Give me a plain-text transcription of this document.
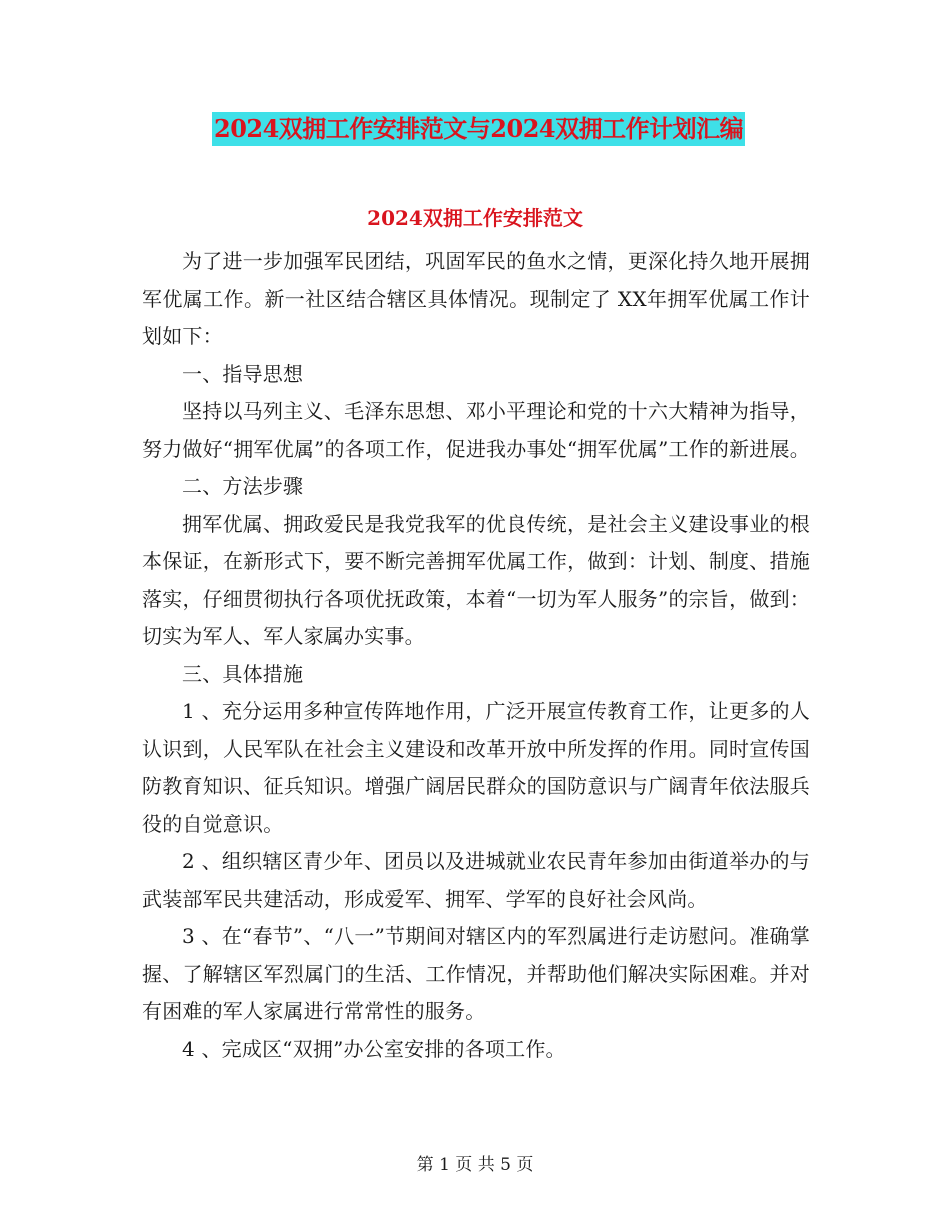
2024双拥工作安排范文与2024双拥工作计划汇编
2024双拥工作安排范文

为了进一步加强军民团结，巩固军民的鱼水之情，更深化持久地开展拥军优属工作。新一社区结合辖区具体情况。现制定了 XX年拥军优属工作计划如下：

一、指导思想

坚持以马列主义、毛泽东思想、邓小平理论和党的十六大精神为指导，努力做好“拥军优属”的各项工作，促进我办事处“拥军优属”工作的新进展。

二、方法步骤

拥军优属、拥政爱民是我党我军的优良传统，是社会主义建设事业的根本保证，在新形式下，要不断完善拥军优属工作，做到：计划、制度、措施落实，仔细贯彻执行各项优抚政策，本着“一切为军人服务”的宗旨，做到：切实为军人、军人家属办实事。

三、具体措施

1 、充分运用多种宣传阵地作用，广泛开展宣传教育工作，让更多的人认识到，人民军队在社会主义建设和改革开放中所发挥的作用。同时宣传国防教育知识、征兵知识。增强广阔居民群众的国防意识与广阔青年依法服兵役的自觉意识。

2 、组织辖区青少年、团员以及进城就业农民青年参加由街道举办的与武装部军民共建活动，形成爱军、拥军、学军的良好社会风尚。

3 、在“春节”、“八一”节期间对辖区内的军烈属进行走访慰问。准确掌握、了解辖区军烈属门的生活、工作情况，并帮助他们解决实际困难。并对有困难的军人家属进行常常性的服务。

4 、完成区“双拥”办公室安排的各项工作。

第 1 页 共 5 页
